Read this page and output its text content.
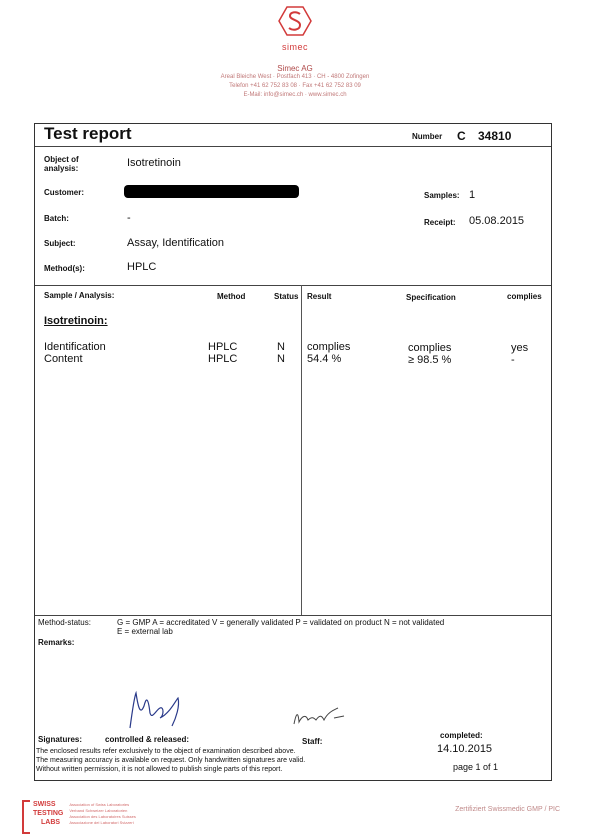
simec
Simec AG
Areal Bleiche West · Postfach 413 · CH - 4800 Zofingen
Telefon +41 62 752 83 08 · Fax +41 62 752 83 09
E-Mail: info@simec.ch · www.simec.ch
Test report	Number C 34810
Object of analysis:	Isotretinoin
Customer:	Samples: 1
Batch:	-	Receipt: 05.08.2015
Subject:	Assay, Identification
Method(s):	HPLC
Sample / Analysis:	Method	Status Result	Specification	complies
Isotretinoin:
Identification	HPLC	N complies	complies	yes
Content	HPLC	N 54.4 %	≥ 98.5 %	-
Method-status:	G = GMP A = accreditated V = generally validated P = validated on product N = not validated
E = external lab
Remarks:
Signatures:	controlled & released:	Staff:
completed:
14.10.2015
page 1 of 1
The enclosed results refer exclusively to the object of examination described above.
The measuring accuracy is available on request. Only handwritten signatures are valid.
Without written permission, it is not allowed to publish single parts of this report.
SWISS
TESTING
LABS
Association of Swiss Laboratories
Verband Schweizer Laboratorien
Association des Laboratoires Suisses
Associazione dei Laboratori Svizzeri
Zertifiziert Swissmedic GMP / PIC
